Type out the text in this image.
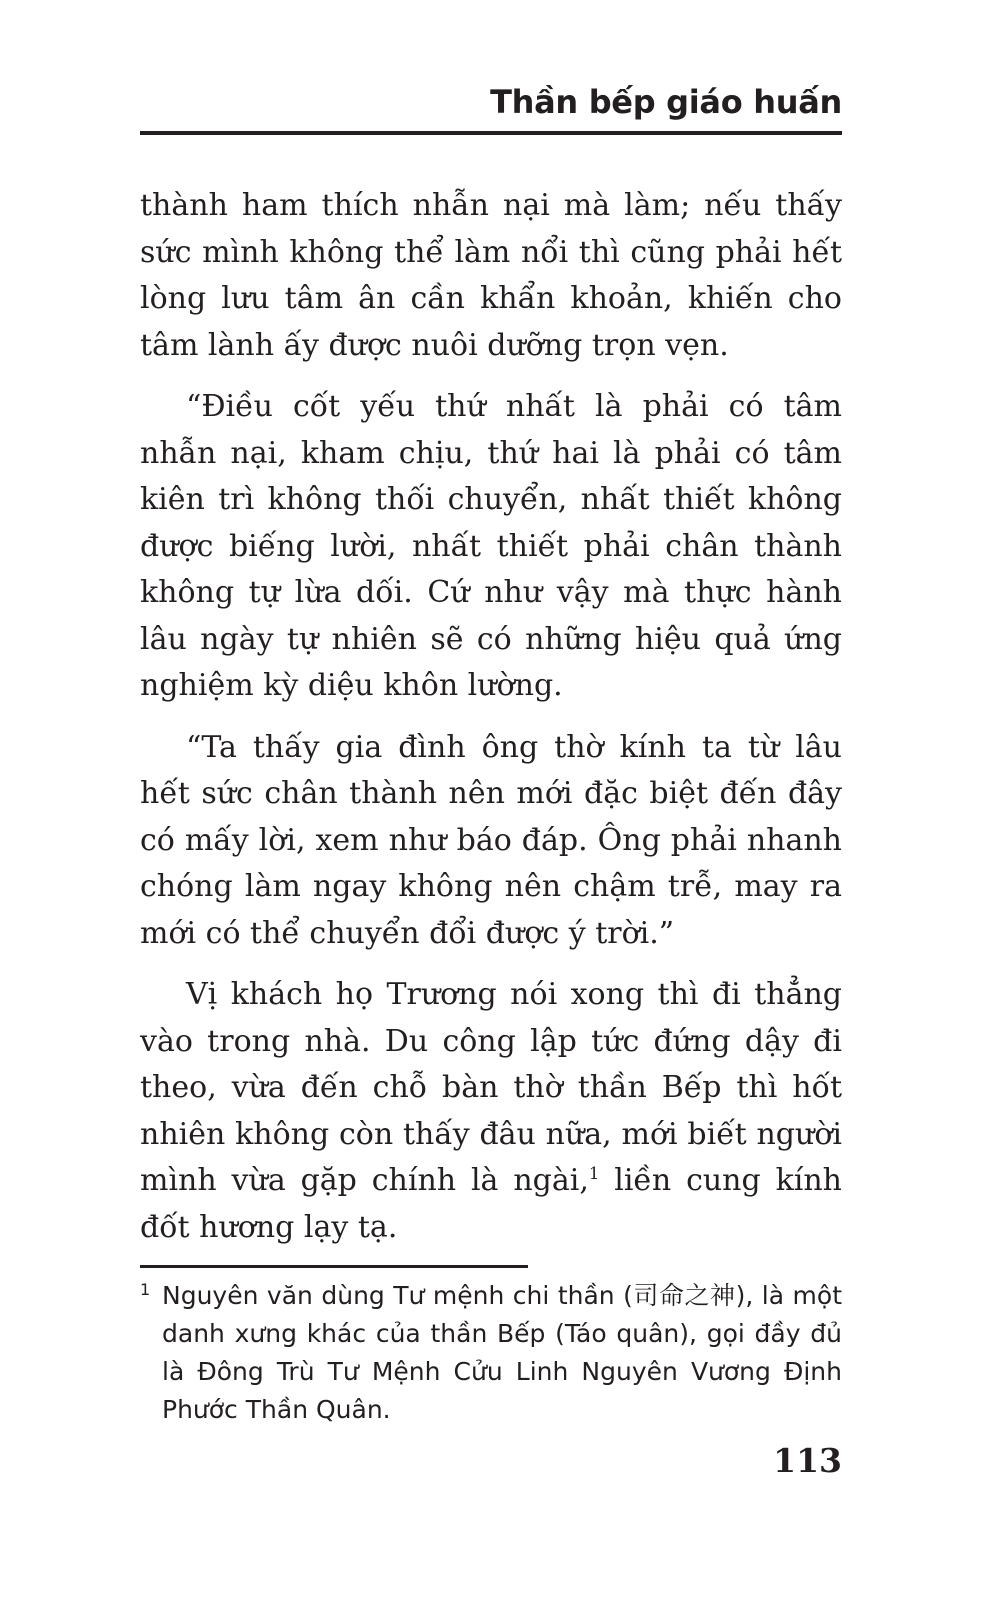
Thần bếp giáo huấn

thành ham thích nhẫn nại mà làm; nếu thấy sức mình không thể làm nổi thì cũng phải hết lòng lưu tâm ân cần khẩn khoản, khiến cho tâm lành ấy được nuôi dưỡng trọn vẹn.

“Điều cốt yếu thứ nhất là phải có tâm nhẫn nại, kham chịu, thứ hai là phải có tâm kiên trì không thối chuyển, nhất thiết không được biếng lười, nhất thiết phải chân thành không tự lừa dối. Cứ như vậy mà thực hành lâu ngày tự nhiên sẽ có những hiệu quả ứng nghiệm kỳ diệu khôn lường.

“Ta thấy gia đình ông thờ kính ta từ lâu hết sức chân thành nên mới đặc biệt đến đây có mấy lời, xem như báo đáp. Ông phải nhanh chóng làm ngay không nên chậm trễ, may ra mới có thể chuyển đổi được ý trời.”

Vị khách họ Trương nói xong thì đi thẳng vào trong nhà. Du công lập tức đứng dậy đi theo, vừa đến chỗ bàn thờ thần Bếp thì hốt nhiên không còn thấy đâu nữa, mới biết người mình vừa gặp chính là ngài,$^1$ liền cung kính đốt hương lạy tạ.

1 Nguyên văn dùng Tư mệnh chi thần (司命之神), là một danh xưng khác của thần Bếp (Táo quân), gọi đầy đủ là Đông Trù Tư Mệnh Cửu Linh Nguyên Vương Định Phước Thần Quân.
113
